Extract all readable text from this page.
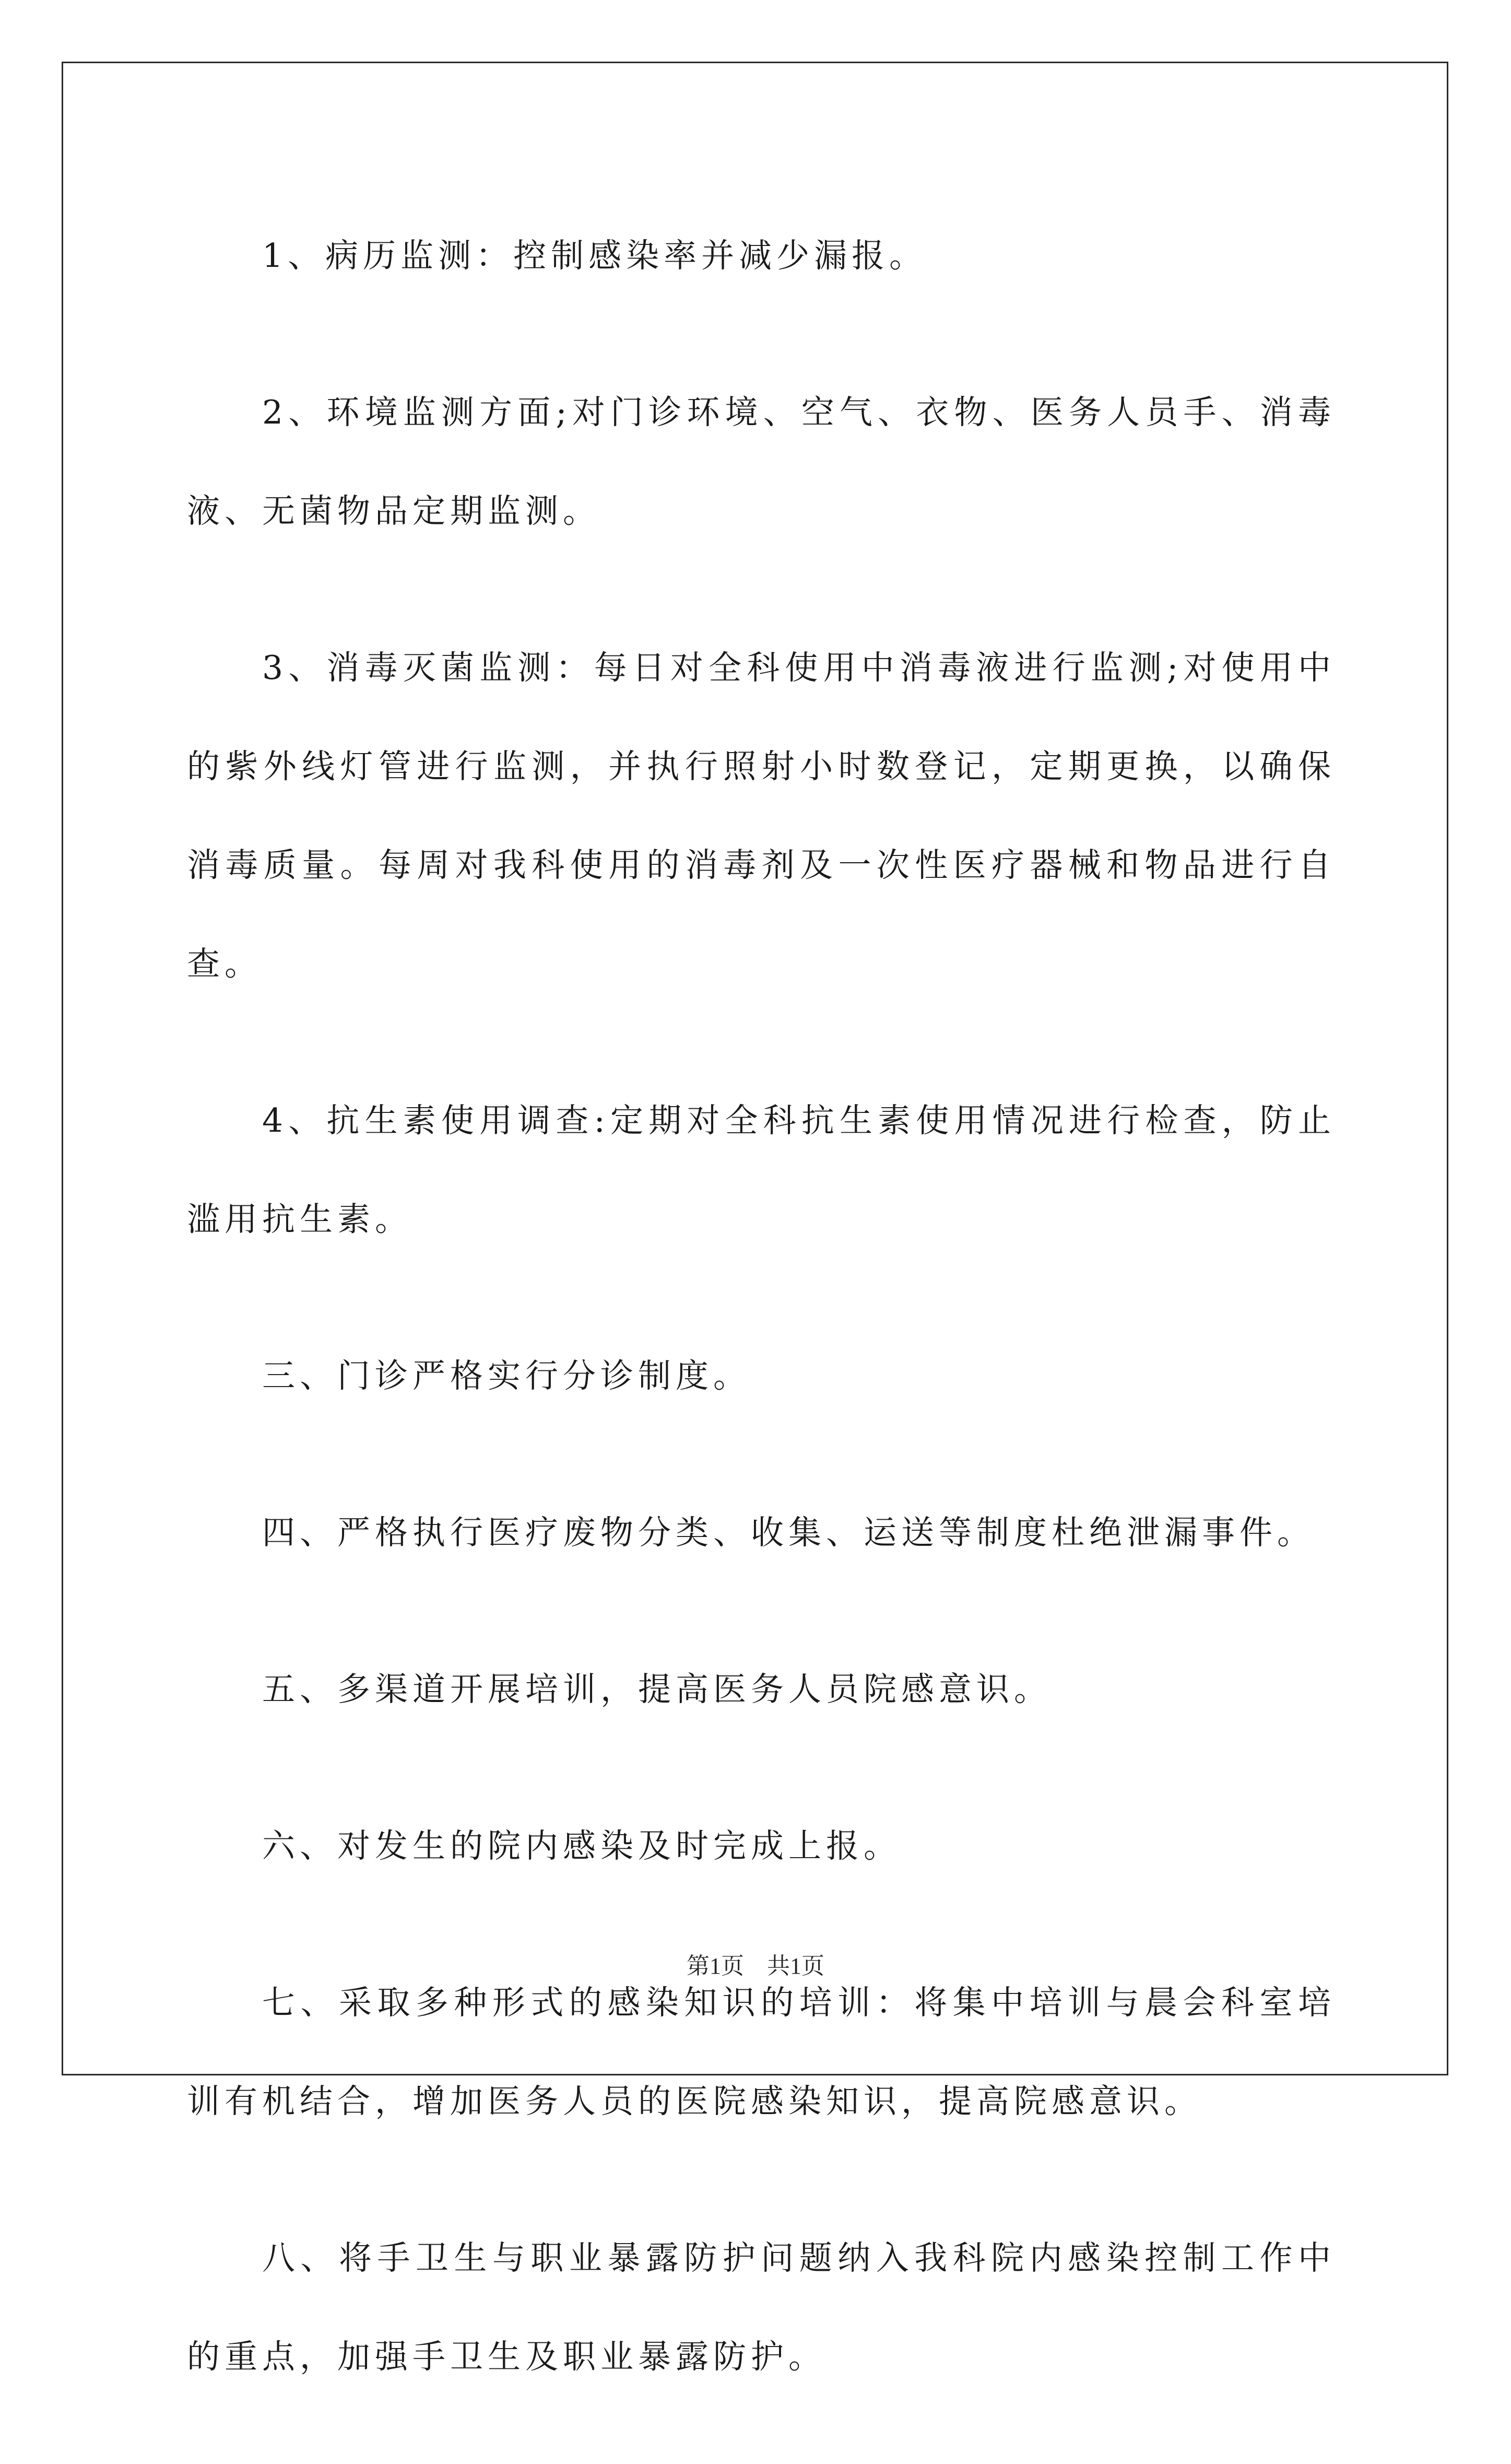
1、病历监测：控制感染率并减少漏报。

2、环境监测方面;对门诊环境、空气、衣物、医务人员手、消毒液、无菌物品定期监测。

3、消毒灭菌监测：每日对全科使用中消毒液进行监测;对使用中的紫外线灯管进行监测，并执行照射小时数登记，定期更换，以确保消毒质量。每周对我科使用的消毒剂及一次性医疗器械和物品进行自查。

4、抗生素使用调查:定期对全科抗生素使用情况进行检查，防止滥用抗生素。

三、门诊严格实行分诊制度。

四、严格执行医疗废物分类、收集、运送等制度杜绝泄漏事件。

五、多渠道开展培训，提高医务人员院感意识。

六、对发生的院内感染及时完成上报。

七、采取多种形式的感染知识的培训：将集中培训与晨会科室培训有机结合，增加医务人员的医院感染知识，提高院感意识。

八、将手卫生与职业暴露防护问题纳入我科院内感染控制工作中的重点，加强手卫生及职业暴露防护。

第1页 共1页
